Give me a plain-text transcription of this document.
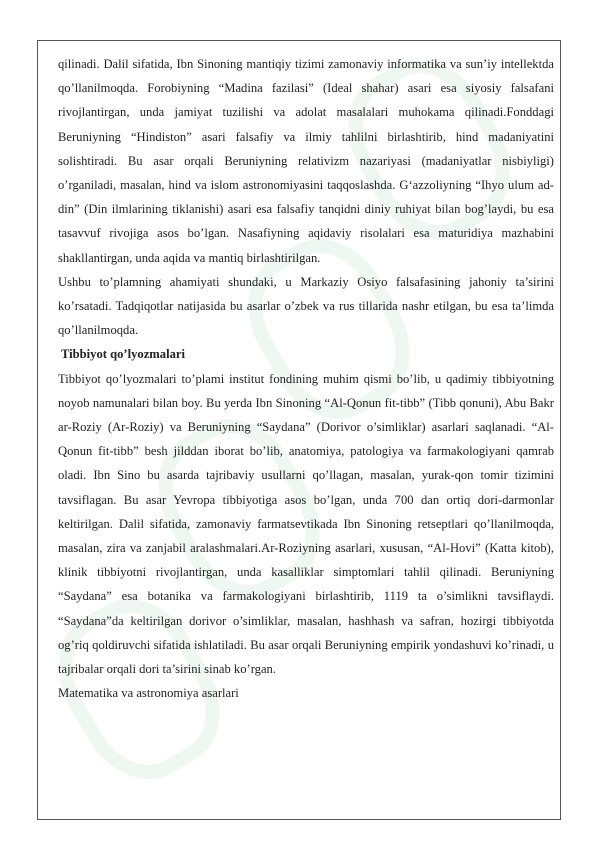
qilinadi. Dalil sifatida, Ibn Sinoning mantiqiy tizimi zamonaviy informatika va sun’iy intellektda qo’llanilmoqda. Forobiyning “Madina fazilasi” (Ideal shahar) asari esa siyosiy falsafani rivojlantirgan, unda jamiyat tuzilishi va adolat masalalari muhokama qilinadi.Fonddagi Beruniyning “Hindiston” asari falsafiy va ilmiy tahlilni birlashtirib, hind madaniyatini solishtiradi. Bu asar orqali Beruniyning relativizm nazariyasi (madaniyatlar nisbiyligi) o’rganiladi, masalan, hind va islom astronomiyasini taqqoslashda. G‘azzoliyning “Ihyo ulum ad-din” (Din ilmlarining tiklanishi) asari esa falsafiy tanqidni diniy ruhiyat bilan bog’laydi, bu esa tasavvuf rivojiga asos bo’lgan. Nasafiyning aqidaviy risolalari esa maturidiya mazhabini shakllantirgan, unda aqida va mantiq birlashtirilgan.

Ushbu to’plamning ahamiyati shundaki, u Markaziy Osiyo falsafasining jahoniy ta’sirini ko’rsatadi. Tadqiqotlar natijasida bu asarlar o’zbek va rus tillarida nashr etilgan, bu esa ta’limda qo’llanilmoqda.

Tibbiyot qo’lyozmalari

Tibbiyot qo’lyozmalari to’plami institut fondining muhim qismi bo’lib, u qadimiy tibbiyotning noyob namunalari bilan boy. Bu yerda Ibn Sinoning “Al-Qonun fit-tibb” (Tibb qonuni), Abu Bakr ar-Roziy (Ar-Roziy) va Beruniyning “Saydana” (Dorivor o’simliklar) asarlari saqlanadi. “Al-Qonun fit-tibb” besh jilddan iborat bo’lib, anatomiya, patologiya va farmakologiyani qamrab oladi. Ibn Sino bu asarda tajribaviy usullarni qo’llagan, masalan, yurak-qon tomir tizimini tavsiflagan. Bu asar Yevropa tibbiyotiga asos bo’lgan, unda 700 dan ortiq dori-darmonlar keltirilgan. Dalil sifatida, zamonaviy farmatsevtikada Ibn Sinoning retseptlari qo’llanilmoqda, masalan, zira va zanjabil aralashmalari.Ar-Roziyning asarlari, xususan, “Al-Hovi” (Katta kitob), klinik tibbiyotni rivojlantirgan, unda kasalliklar simptomlari tahlil qilinadi. Beruniyning “Saydana” esa botanika va farmakologiyani birlashtirib, 1119 ta o’simlikni tavsiflaydi. “Saydana”da keltirilgan dorivor o’simliklar, masalan, hashhash va safran, hozirgi tibbiyotda og’riq qoldiruvchi sifatida ishlatiladi. Bu asar orqali Beruniyning empirik yondashuvi ko’rinadi, u tajribalar orqali dori ta’sirini sinab ko’rgan.

Matematika va astronomiya asarlari
